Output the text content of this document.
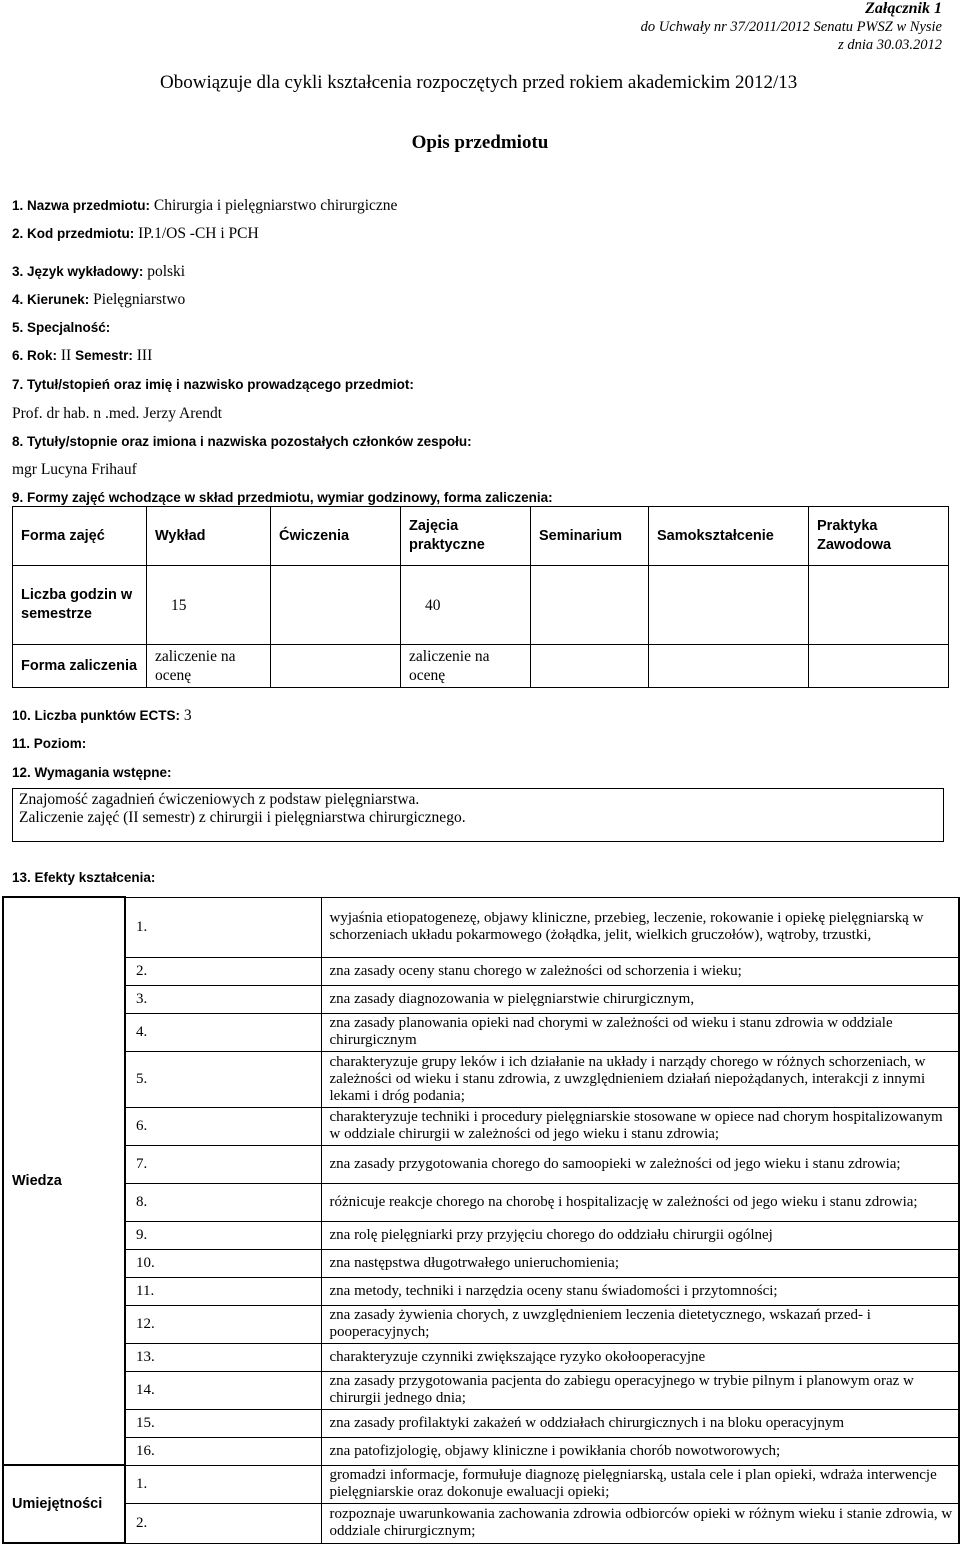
Załącznik 1
do Uchwały nr 37/2011/2012 Senatu PWSZ w Nysie
z dnia 30.03.2012
Obowiązuje dla cykli kształcenia rozpoczętych przed rokiem akademickim 2012/13
Opis przedmiotu
1. Nazwa przedmiotu: Chirurgia i pielęgniarstwo chirurgiczne
2. Kod przedmiotu: IP.1/OS -CH i PCH
3. Język wykładowy: polski
4. Kierunek: Pielęgniarstwo
5. Specjalność:
6. Rok: II Semestr: III
7. Tytuł/stopień oraz imię i nazwisko prowadzącego przedmiot:
Prof. dr hab. n .med. Jerzy Arendt
8. Tytuły/stopnie oraz imiona i nazwiska pozostałych członków zespołu:
mgr Lucyna Frihauf
9. Formy zajęć wchodzące w skład przedmiotu, wymiar godzinowy, forma zaliczenia:
Forma zajęć	Wykład	Ćwiczenia	Zajęcia praktyczne	Seminarium	Samokształcenie	Praktyka Zawodowa
Liczba godzin w semestrze	15		40			
Forma zaliczenia	zaliczenie na ocenę		zaliczenie na ocenę			
10. Liczba punktów ECTS: 3
11. Poziom:
12. Wymagania wstępne:
Znajomość zagadnień ćwiczeniowych z podstaw pielęgniarstwa.
Zaliczenie zajęć (II semestr) z chirurgii i pielęgniarstwa chirurgicznego.
13. Efekty kształcenia:
Wiedza	1.	wyjaśnia etiopatogenezę, objawy kliniczne, przebieg, leczenie, rokowanie i opiekę pielęgniarską w schorzeniach układu pokarmowego (żołądka, jelit, wielkich gruczołów), wątroby, trzustki,
	2.	zna zasady oceny stanu chorego w zależności od schorzenia i wieku;
	3.	zna zasady diagnozowania w pielęgniarstwie chirurgicznym,
	4.	zna zasady planowania opieki nad chorymi w zależności od wieku i stanu zdrowia w oddziale chirurgicznym
	5.	charakteryzuje grupy leków i ich działanie na układy i narządy chorego w różnych schorzeniach, w zależności od wieku i stanu zdrowia, z uwzględnieniem działań niepożądanych, interakcji z innymi lekami i dróg podania;
	6.	charakteryzuje techniki i procedury pielęgniarskie stosowane w opiece nad chorym hospitalizowanym w oddziale chirurgii w zależności od jego wieku i stanu zdrowia;
	7.	zna zasady przygotowania chorego do samoopieki w zależności od jego wieku i stanu zdrowia;
	8.	różnicuje reakcje chorego na chorobę i hospitalizację w zależności od jego wieku i stanu zdrowia;
	9.	zna rolę pielęgniarki przy przyjęciu chorego do oddziału chirurgii ogólnej
	10.	zna następstwa długotrwałego unieruchomienia;
	11.	zna metody, techniki i narzędzia oceny stanu świadomości i przytomności;
	12.	zna zasady żywienia chorych, z uwzględnieniem leczenia dietetycznego, wskazań przed- i pooperacyjnych;
	13.	charakteryzuje czynniki zwiększające ryzyko okołooperacyjne
	14.	zna zasady przygotowania pacjenta do zabiegu operacyjnego w trybie pilnym i planowym oraz w chirurgii jednego dnia;
	15.	zna zasady profilaktyki zakażeń w oddziałach chirurgicznych i na bloku operacyjnym
	16.	zna patofizjologię, objawy kliniczne i powikłania chorób nowotworowych;
Umiejętności	1.	gromadzi informacje, formułuje diagnozę pielęgniarską, ustala cele i plan opieki, wdraża interwencje pielęgniarskie oraz dokonuje ewaluacji opieki;
	2.	rozpoznaje uwarunkowania zachowania zdrowia odbiorców opieki w różnym wieku i stanie zdrowia, w oddziale chirurgicznym;
